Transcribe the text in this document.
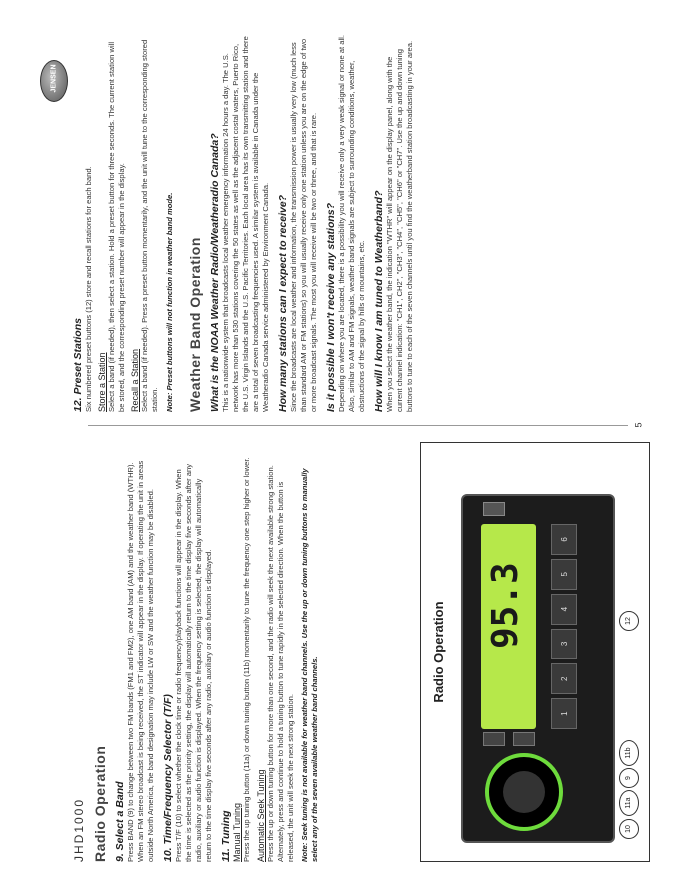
JENSEN
5
JHD1000 Radio Operation 9. Select a Band Press BAND (9) to change between two FM bands (FM1 and FM2), one AM band (AM) and the weather band (WTHR). When an FM stereo broadcast is being received, the ST indicator will appear in the display. If operating the unit in areas outside North America, the band designation may include LW or SW and the weather function may be disabled. 10. Time/Frequency Selector (T/F) Press T/F (10) to select whether the clock time or radio frequency/playback functions will appear in the display. When the time is selected as the priority setting, the display will automatically return to the time display five seconds after any radio, auxiliary or audio function is displayed. When the frequency setting is selected, the display will automatically return to the time display five seconds after any radio, auxiliary or audio function is displayed. 11. Tuning Manual Tuning Press the up tuning button (11a) or down tuning button (11b) momentarily to tune the frequency one step higher or lower. Automatic Seek Tuning Press the up or down tuning button for more than one second, and the radio will seek the next available strong station. Alternately, press and continue to hold a tuning button to tune rapidly in the selected direction. When the button is released, the unit will seek the next strong station. Note: Seek tuning is not available for weather band channels. Use the up or down tuning buttons to manually select any of the seven available weather band channels.

Radio Operation 95.3
1
2
3
4
5
6
10
11a
9
11b
12

12. Preset Stations Six numbered preset buttons (12) store and recall stations for each band. Store a Station Select a band (if needed), then select a station. Hold a preset button for three seconds. The current station will be stored, and the corresponding preset number will appear in the display. Recall a Station Select a band (if needed). Press a preset button momentarily, and the unit will tune to the corresponding stored station. Note: Preset buttons will not function in weather band mode. Weather Band Operation What is the NOAA Weather Radio/Weatheradio Canada? This is a nationwide system that broadcasts local weather emergency information 24 hours a day. The U.S. network has more than 530 stations covering the 50 states as well as the adjacent costal waters, Puerto Rico, the U.S. Virgin Islands and the U.S. Pacific Territories. Each local area has its own transmitting station and there are a total of seven broadcasting frequencies used. A similar system is available in Canada under the Weatheradio Canada service administered by Environment Canada. How many stations can I expect to receive? Since the broadcasts are local weather and information, the transmission power is usually very low (much less than standard AM or FM stations) so you will usually receive only one station unless you are on the edge of two or more broadcast signals. The most you will receive will be two or three, and that is rare. Is it possible I won't receive any stations? Depending on where you are located, there is a possibility you will receive only a very weak signal or none at all. Also, similar to AM and FM signals, weather band signals are subject to surrounding conditions, weather, obstructions of the signal by hills or mountains, etc. How will I know I am tuned to Weatherband? When you select the weather band, the indication "WTHR" will appear on the display panel, along with the current channel indication: "CH1", CH2", "CH3", "CH4", "CH5", "CH6" or "CH7". Use the up and down tuning buttons to tune to each of the seven channels until you find the weatherband station broadcasting in your area.
